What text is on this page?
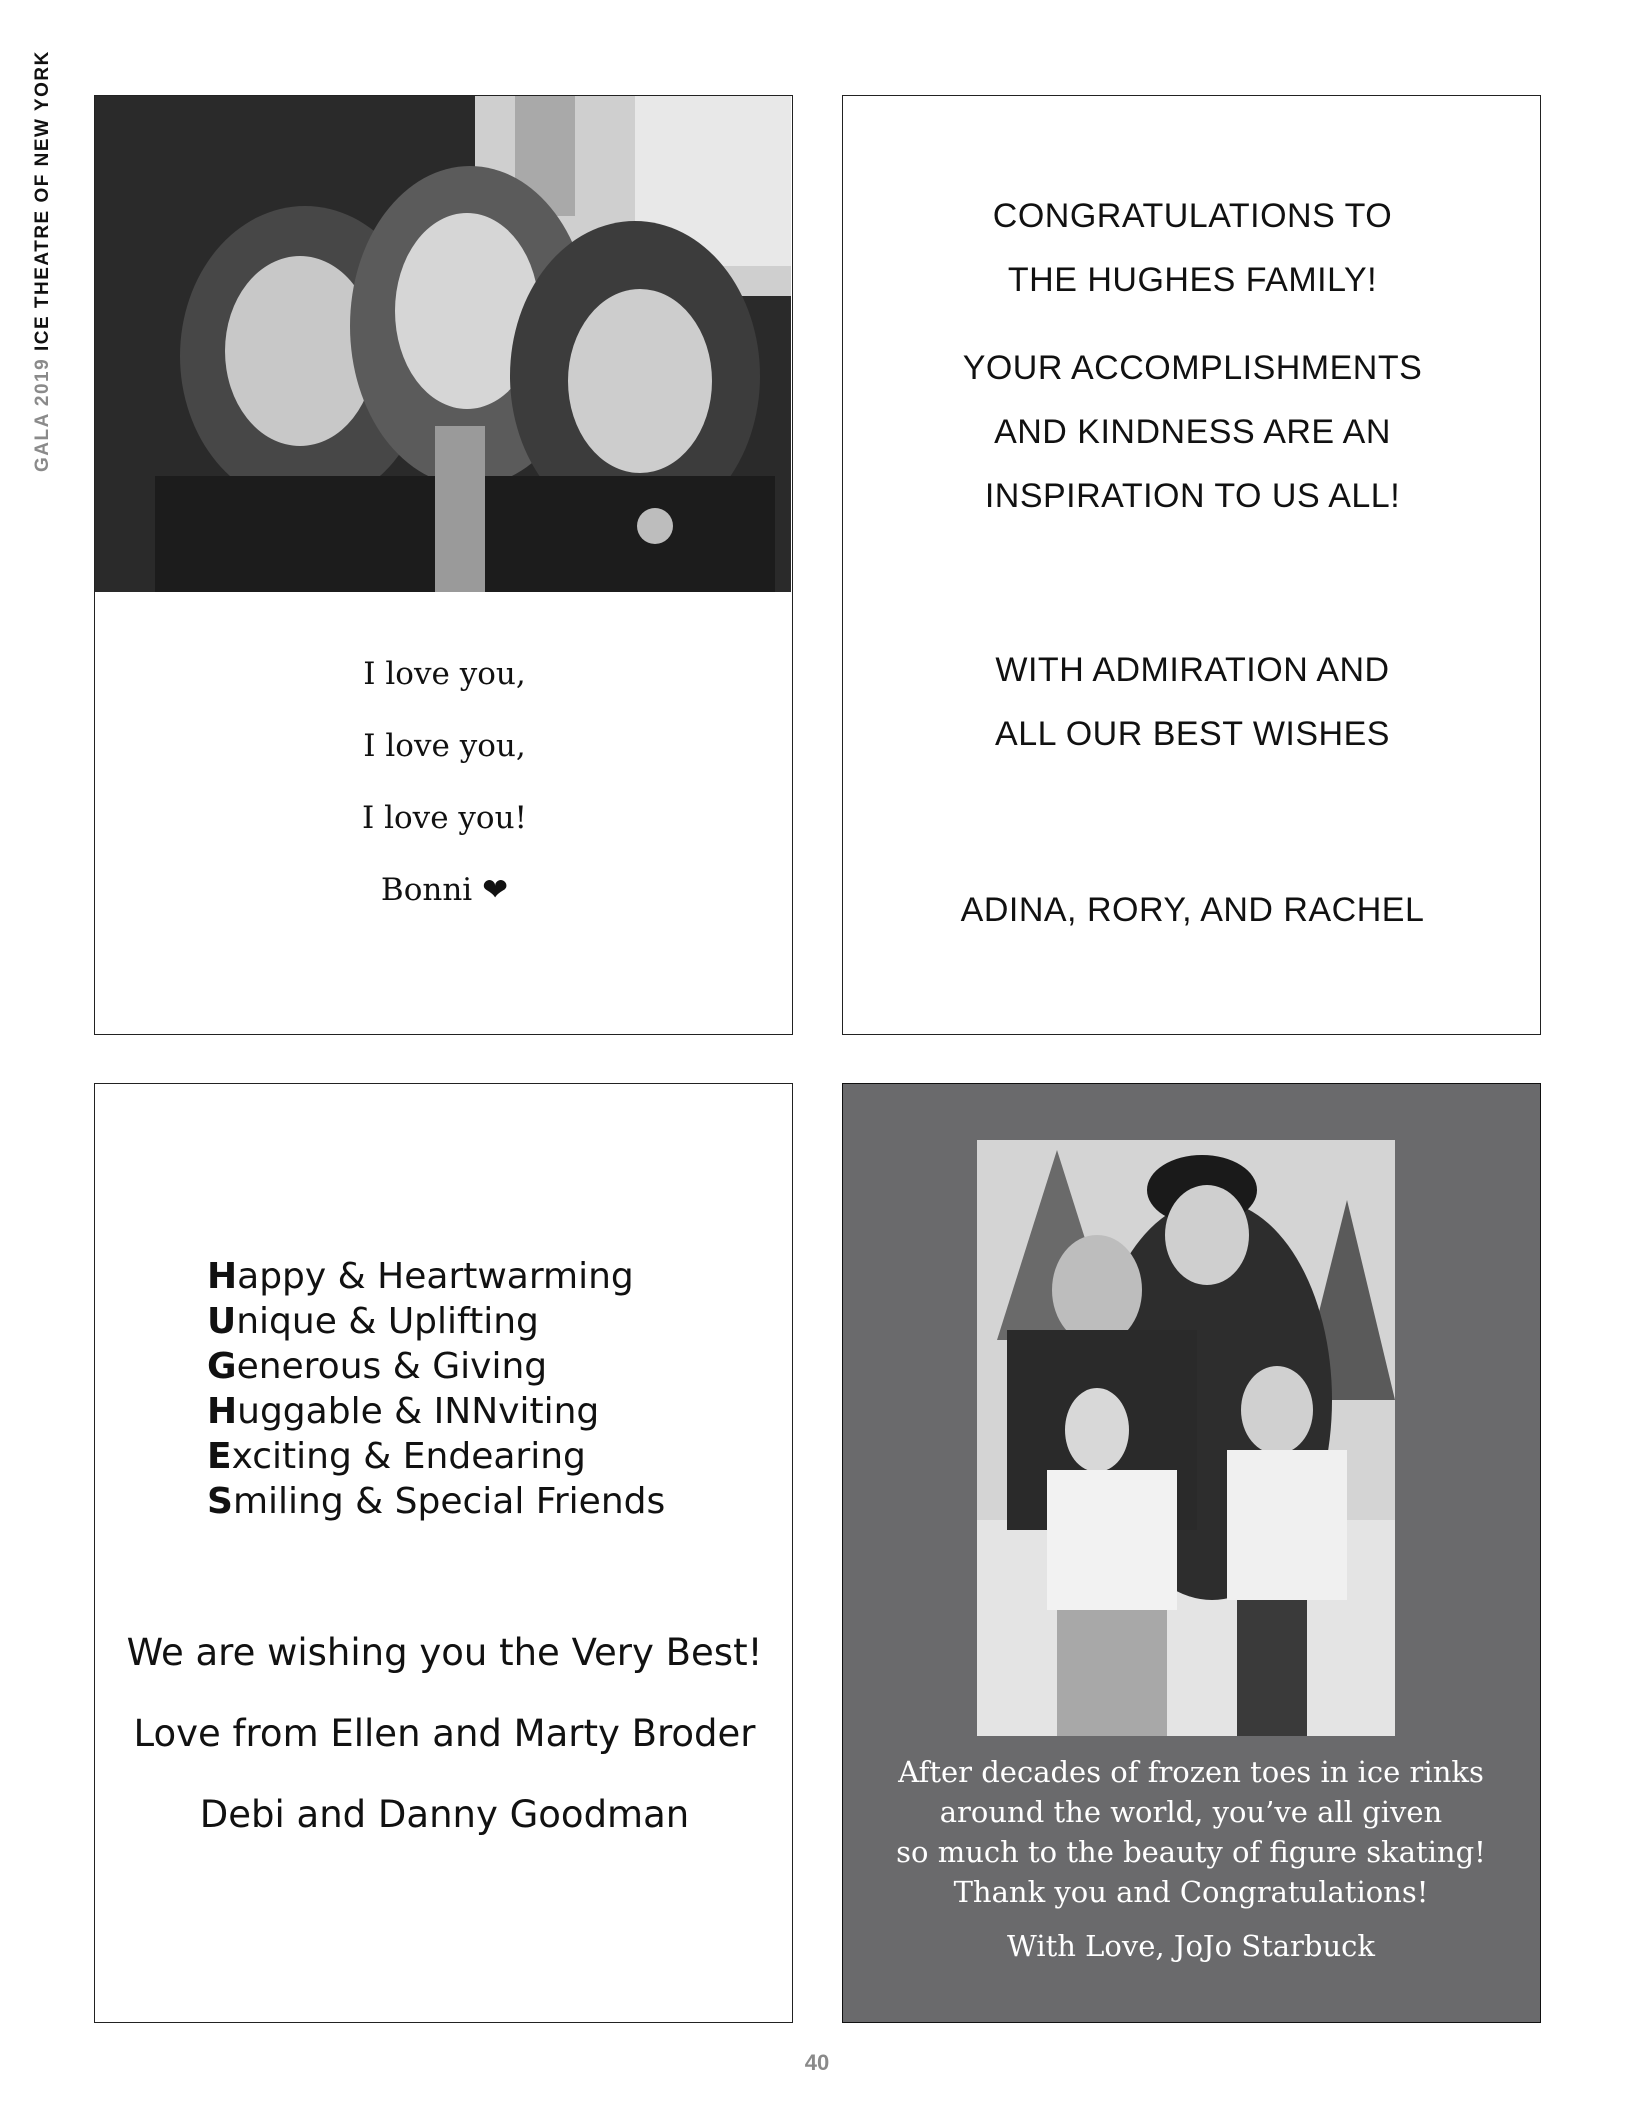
GALA 2019 ICE THEATRE OF NEW YORK
I love you,
I love you,
I love you!
Bonni ❤
CONGRATULATIONS TO
THE HUGHES FAMILY!
YOUR ACCOMPLISHMENTS
AND KINDNESS ARE AN
INSPIRATION TO US ALL!
WITH ADMIRATION AND
ALL OUR BEST WISHES
ADINA, RORY, AND RACHEL
Happy & Heartwarming
Unique & Uplifting
Generous & Giving
Huggable & INNviting
Exciting & Endearing
Smiling & Special Friends
We are wishing you the Very Best!
Love from Ellen and Marty Broder
Debi and Danny Goodman
After decades of frozen toes in ice rinks
around the world, you’ve all given
so much to the beauty of figure skating!
Thank you and Congratulations!
With Love, JoJo Starbuck
40
